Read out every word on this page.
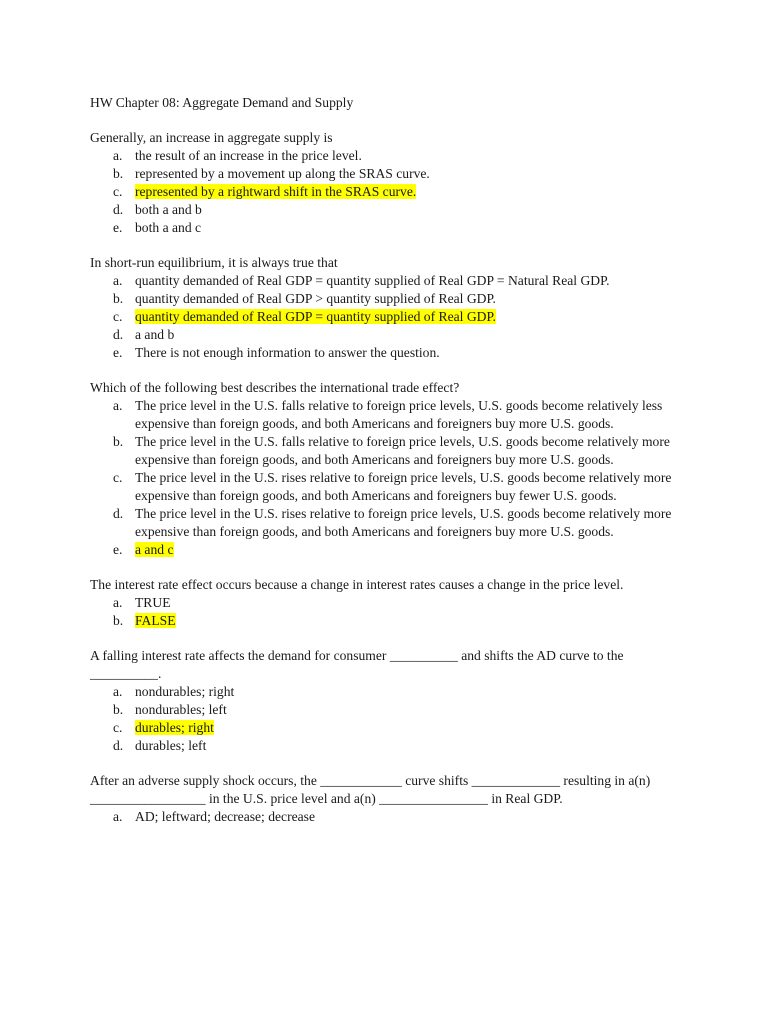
HW Chapter 08: Aggregate Demand and Supply

Generally, an increase in aggregate supply is

a. the result of an increase in the price level.
b. represented by a movement up along the SRAS curve.
c. represented by a rightward shift in the SRAS curve.
d. both a and b
e. both a and c

In short-run equilibrium, it is always true that

a. quantity demanded of Real GDP = quantity supplied of Real GDP = Natural Real GDP.
b. quantity demanded of Real GDP > quantity supplied of Real GDP.
c. quantity demanded of Real GDP = quantity supplied of Real GDP.
d. a and b
e. There is not enough information to answer the question.

Which of the following best describes the international trade effect?

a. The price level in the U.S. falls relative to foreign price levels, U.S. goods become relatively less expensive than foreign goods, and both Americans and foreigners buy more U.S. goods.
b. The price level in the U.S. falls relative to foreign price levels, U.S. goods become relatively more expensive than foreign goods, and both Americans and foreigners buy more U.S. goods.
c. The price level in the U.S. rises relative to foreign price levels, U.S. goods become relatively more expensive than foreign goods, and both Americans and foreigners buy fewer U.S. goods.
d. The price level in the U.S. rises relative to foreign price levels, U.S. goods become relatively more expensive than foreign goods, and both Americans and foreigners buy more U.S. goods.
e. a and c

The interest rate effect occurs because a change in interest rates causes a change in the price level.

a. TRUE
b. FALSE

A falling interest rate affects the demand for consumer __________ and shifts the AD curve to the __________.

a. nondurables; right
b. nondurables; left
c. durables; right
d. durables; left

After an adverse supply shock occurs, the ____________ curve shifts _____________ resulting in a(n) _________________ in the U.S. price level and a(n) ________________ in Real GDP.

a. AD; leftward; decrease; decrease
